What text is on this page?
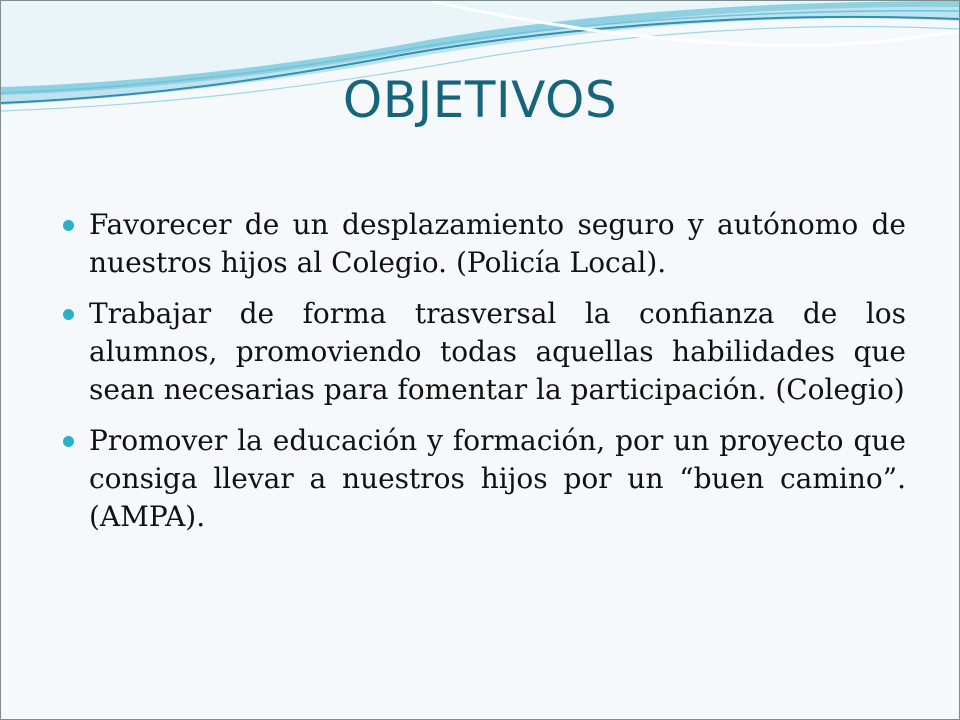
OBJETIVOS
Favorecer de un desplazamiento seguro y autónomo de nuestros hijos al Colegio. (Policía Local).
Trabajar de forma trasversal la confianza de los alumnos, promoviendo todas aquellas habilidades que sean necesarias para fomentar la participación. (Colegio)
Promover la educación y formación, por un proyecto que consiga llevar a nuestros hijos por un “buen camino”. (AMPA).
